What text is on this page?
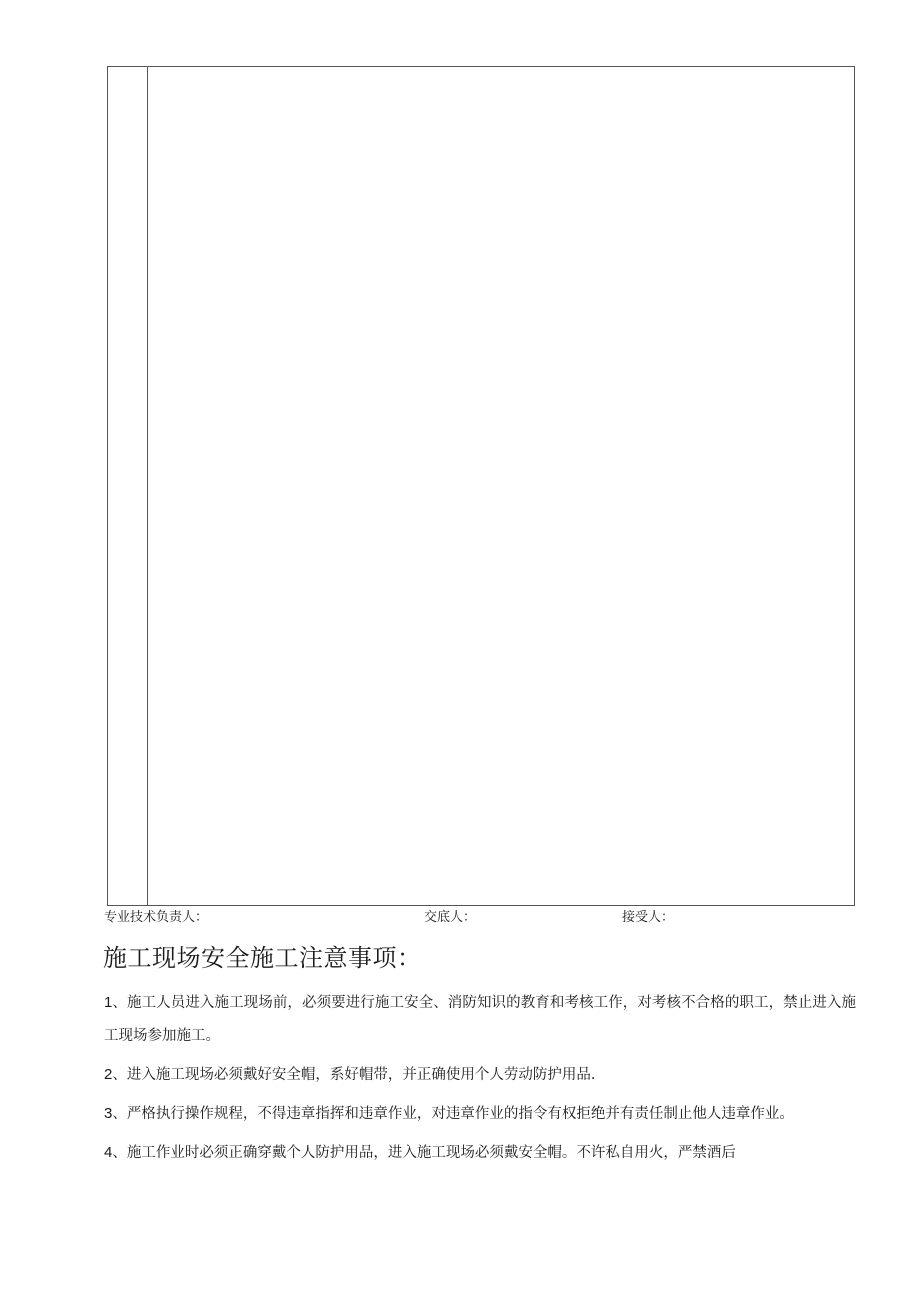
专业技术负责人：	交底人：	接受人：
施工现场安全施工注意事项：

1、施工人员进入施工现场前，必须要进行施工安全、消防知识的教育和考核工作，对考核不合格的职工，禁止进入施工现场参加施工。

2、进入施工现场必须戴好安全帽，系好帽带，并正确使用个人劳动防护用品.

3、严格执行操作规程，不得违章指挥和违章作业，对违章作业的指令有权拒绝并有责任制止他人违章作业。

4、施工作业时必须正确穿戴个人防护用品，进入施工现场必须戴安全帽。不许私自用火，严禁酒后
